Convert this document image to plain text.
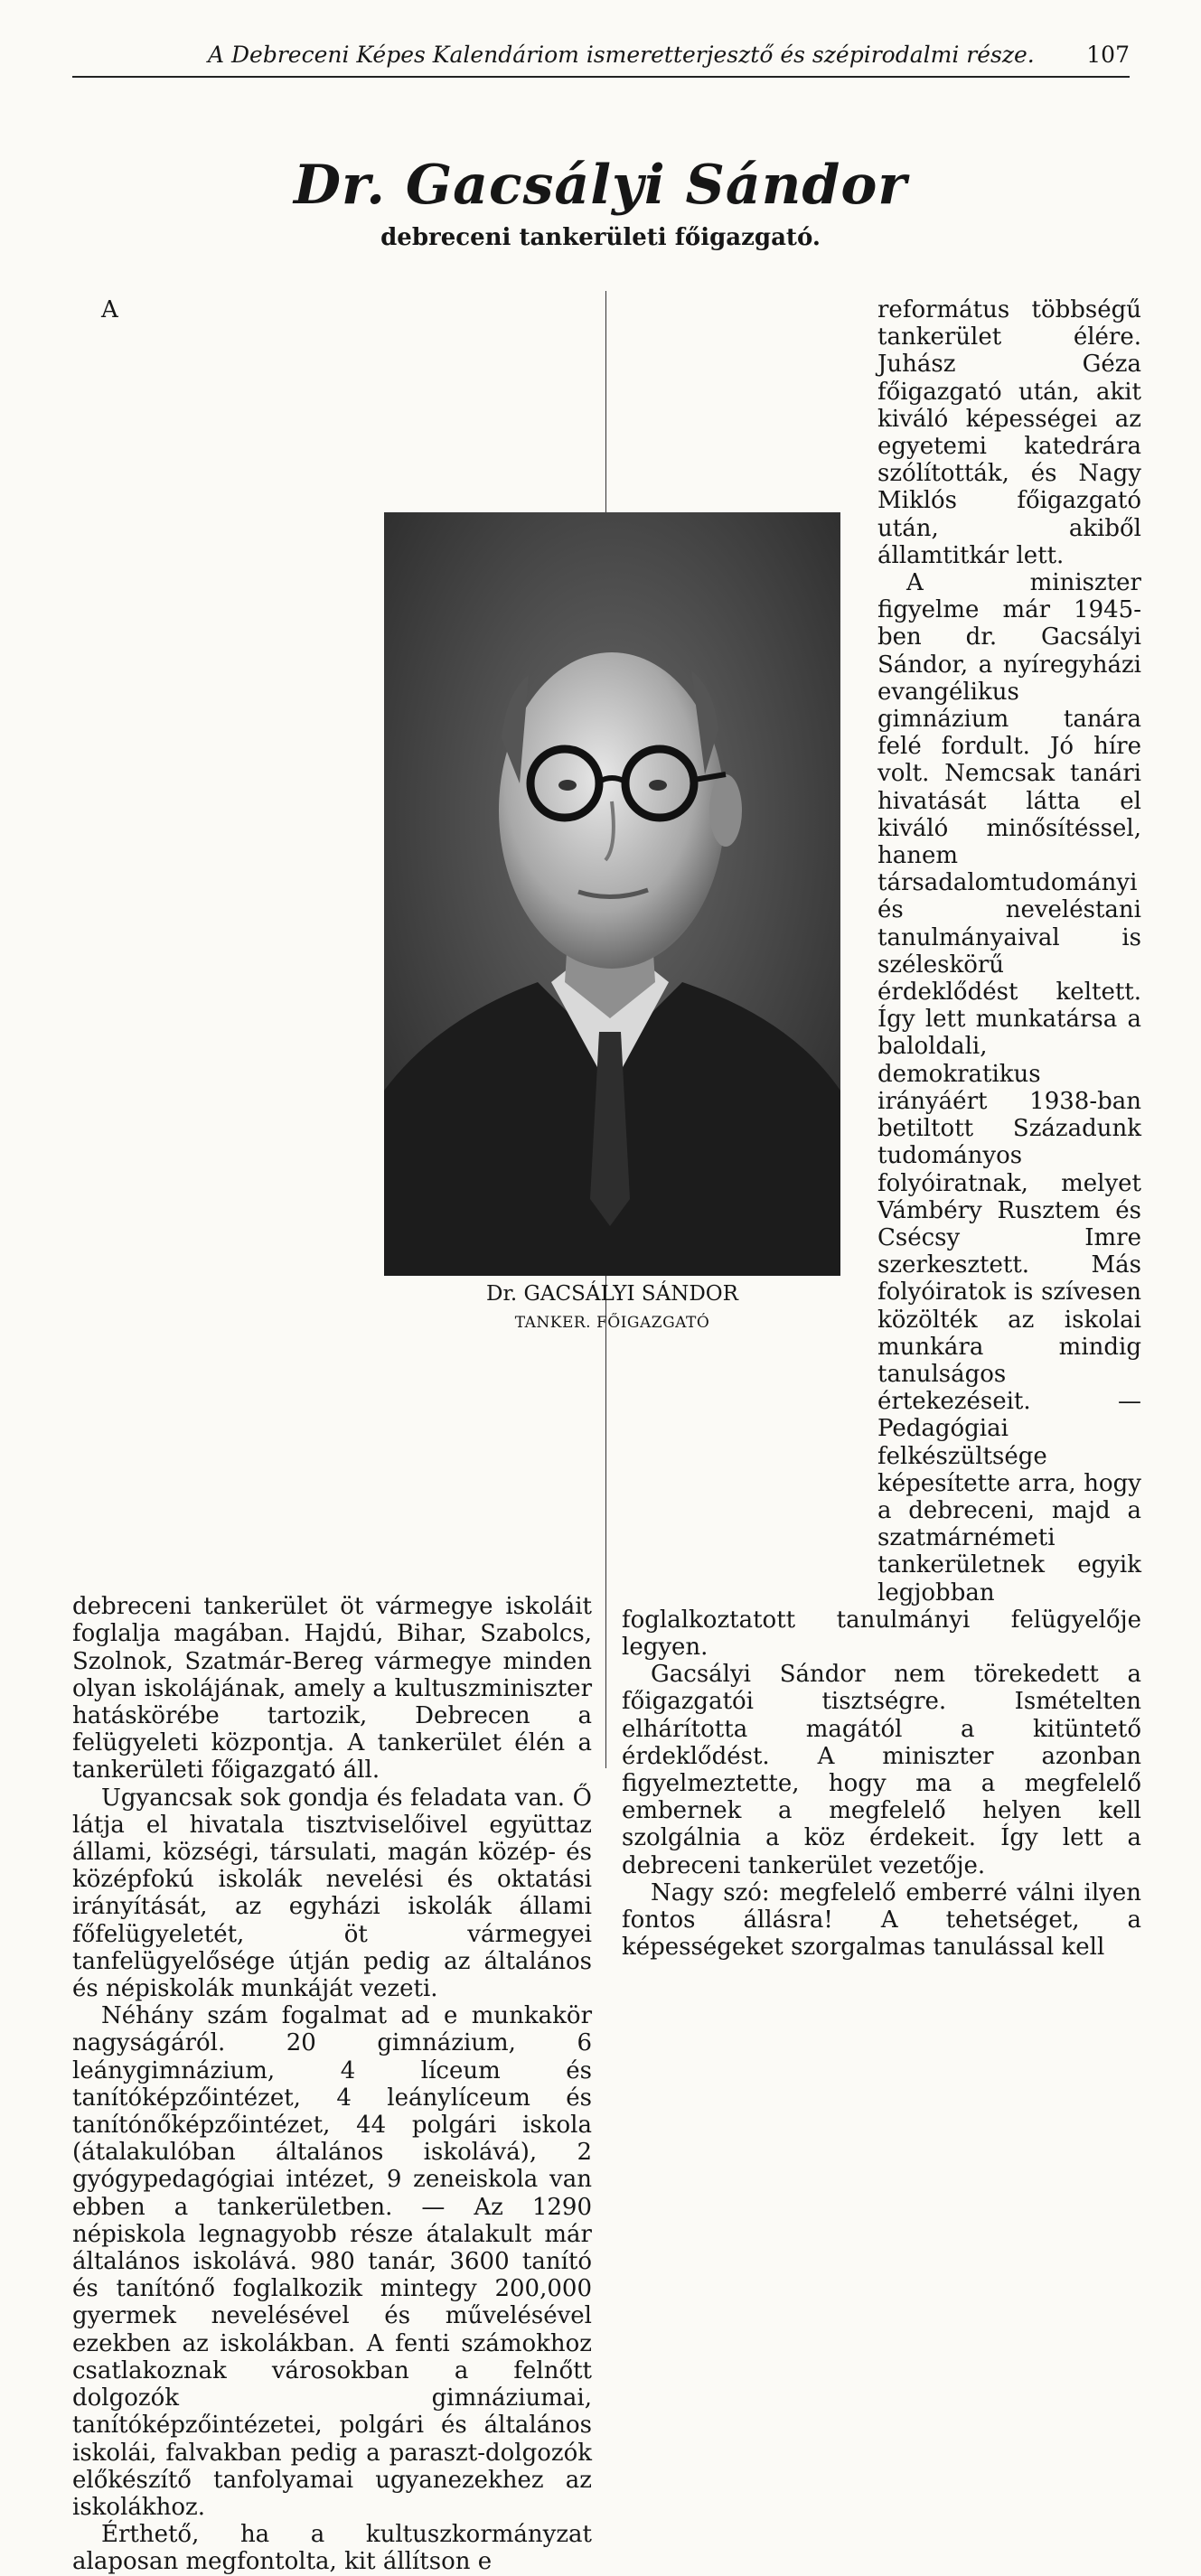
A Debreceni Képes Kalendáriom ismeretterjesztő és szépirodalmi része. 107
Dr. Gacsályi Sándor
debreceni tankerületi főigazgató.

A debreceni tankerület öt vármegye iskoláit foglalja magában. Hajdú, Bihar, Szabolcs, Szolnok, Szatmár-Bereg vármegye minden olyan iskolájának, amely a kultuszminiszter hatáskörébe tartozik, Debrecen a felügyeleti központja. A tankerület élén a tankerületi főigazgató áll.

Ugyancsak sok gondja és feladata van. Ő látja el hivatala tisztviselőivel együttaz állami, községi, társulati, magán közép- és középfokú iskolák nevelési és oktatási irányítását, az egyházi iskolák állami főfelügyeletét, öt vármegyei tanfelügyelősége útján pedig az általános és népiskolák munkáját vezeti.

Néhány szám fogalmat ad e munkakör nagyságáról. 20 gimnázium, 6 leánygimnázium, 4 líceum és tanítóképzőintézet, 4 leánylíceum és tanítónőképzőintézet, 44 polgári iskola (átalakulóban általános iskolává), 2 gyógypedagógiai intézet, 9 zeneiskola van ebben a tankerületben. — Az 1290 népiskola legnagyobb része átalakult már általános iskolává. 980 tanár, 3600 tanító és tanítónő foglalkozik mintegy 200,000 gyermek nevelésével és művelésével ezekben az iskolákban. A fenti számokhoz csatlakoznak városokban a felnőtt dolgozók gimnáziumai, tanítóképzőintézetei, polgári és általános iskolái, falvakban pedig a paraszt-dolgozók előkészítő tanfolyamai ugyanezekhez az iskolákhoz.

Érthető, ha a kultuszkormányzat alaposan megfontolta, kit állítson e

református többségű tankerület élére. Juhász Géza főigazgató után, akit kiváló képességei az egyetemi katedrára szólították, és Nagy Miklós főigazgató után, akiből államtitkár lett.

A miniszter figyelme már 1945-ben dr. Gacsályi Sándor, a nyíregyházi evangélikus gimnázium tanára felé fordult. Jó híre volt. Nemcsak tanári hivatását látta el kiváló minősítéssel, hanem társadalomtudományi és neveléstani tanulmányaival is széleskörű érdeklődést keltett. Így lett munkatársa a baloldali, demokratikus irányáért 1938-ban betiltott Századunk tudományos folyóiratnak, melyet Vámbéry Rusztem és Csécsy Imre szerkesztett. Más folyóiratok is szívesen közölték az iskolai munkára mindig tanulságos értekezéseit. — Pedagógiai felkészültsége képesítette arra, hogy a debreceni, majd a szatmárnémeti tankerületnek egyik legjobban foglalkoztatott tanulmányi felügyelője legyen.

Gacsályi Sándor nem törekedett a főigazgatói tisztségre. Ismételten elhárította magától a kitüntető érdeklődést. A miniszter azonban figyelmeztette, hogy ma a megfelelő embernek a megfelelő helyen kell szolgálnia a köz érdekeit. Így lett a debreceni tankerület vezetője.

Nagy szó: megfelelő emberré válni ilyen fontos állásra! A tehetséget, a képességeket szorgalmas tanulással kell

Dr. GACSÁLYI SÁNDOR
TANKER. FŐIGAZGATÓ
